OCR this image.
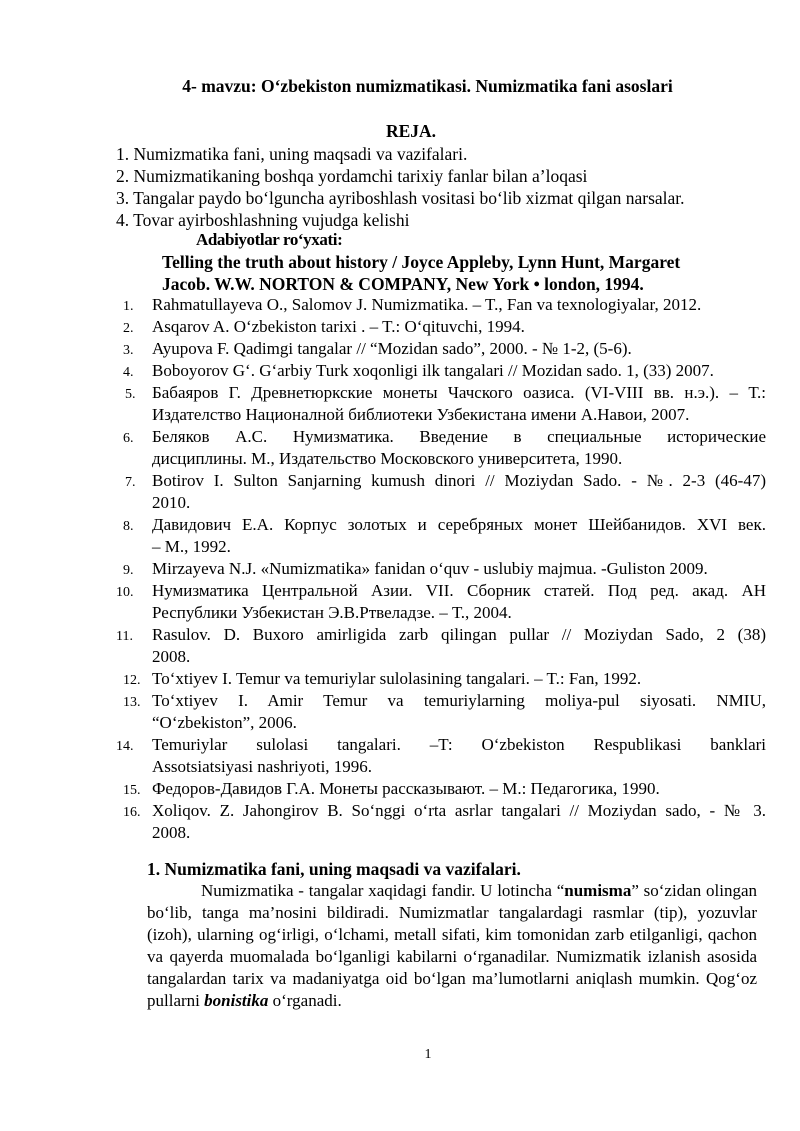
4- mavzu: O‘zbekiston numizmatikasi. Numizmatika fani asoslari
REJA.
1. Numizmatika fani, uning maqsadi va vazifalari.
2. Numizmatikaning boshqa yordamchi tarixiy fanlar bilan a’loqasi
3. Tangalar paydo bo‘lguncha ayriboshlash vositasi bo‘lib xizmat qilgan narsalar.
4. Tovar ayirboshlashning vujudga kelishi
Adabiyotlar ro‘yxati:
Telling the truth about history / Joyce Appleby, Lynn Hunt, Margaret
Jacob. W.W. NORTON & COMPANY, New York • london, 1994.
1. Rahmatullayeva O., Salomov J. Numizmatika. – T., Fan va texnologiyalar, 2012.
2. Asqarov A. O‘zbekiston tarixi . – T.: O‘qituvchi, 1994.
3. Ayupova F. Qadimgi tangalar // “Mozidan sado”, 2000. - № 1-2, (5-6).
4. Boboyorov G‘. G‘arbiy Turk xoqonligi ilk tangalari // Mozidan sado. 1, (33) 2007.
5. Бабаяров Г. Древнетюркские монеты Чачского оазиса. (VI-VIII вв. н.э.). – Т.:
Издателство Националной библиотеки Узбекистана имени А.Навои, 2007.
6. Беляков А.С. Нумизматика. Введение в специальные исторические
дисциплины. М., Издательство Московского университета, 1990.
7. Botirov I. Sulton Sanjarning kumush dinori // Moziydan Sado. - №. 2-3 (46-47)
2010.
8. Давидович Е.А. Корпус золотых и серебряных монет Шейбанидов. XVI век.
– М., 1992.
9. Mirzayeva N.J. «Numizmatika» fanidan o‘quv - uslubiy majmua. -Guliston 2009.
10. Нумизматика Центральной Азии. VII. Сборник статей. Под ред. акад. АН
Республики Узбекистан Э.В.Ртвеладзе. – Т., 2004.
11. Rasulov. D. Buxoro amirligida zarb qilingan pullar // Moziydan Sado, 2 (38)
2008.
12. To‘xtiyev I. Temur va temuriylar sulolasining tangalari. – T.: Fan, 1992.
13. To‘xtiyev I. Amir Temur va temuriylarning moliya-pul siyosati. NMIU,
“O‘zbekiston”, 2006.
14. Temuriylar sulolasi tangalari. –T: O‘zbekiston Respublikasi banklari
Assotsiatsiyasi nashriyoti, 1996.
15. Федоров-Давидов Г.А. Монеты рассказывают. – М.: Педагогика, 1990.
16. Xoliqov. Z. Jahongirov B. So‘nggi o‘rta asrlar tangalari // Moziydan sado, - № 3.
2008.
1. Numizmatika fani, uning maqsadi va vazifalari.
Numizmatika - tangalar xaqidagi fandir. U lotincha “numisma” so‘zidan olingan bo‘lib, tanga ma’nosini bildiradi. Numizmatlar tangalardagi rasmlar (tip), yozuvlar (izoh), ularning og‘irligi, o‘lchami, metall sifati, kim tomonidan zarb etilganligi, qachon va qayerda muomalada bo‘lganligi kabilarni o‘rganadilar. Numizmatik izlanish asosida tangalardan tarix va madaniyatga oid bo‘lgan ma’lumotlarni aniqlash mumkin. Qog‘oz pullarni bonistika o‘rganadi.
1
